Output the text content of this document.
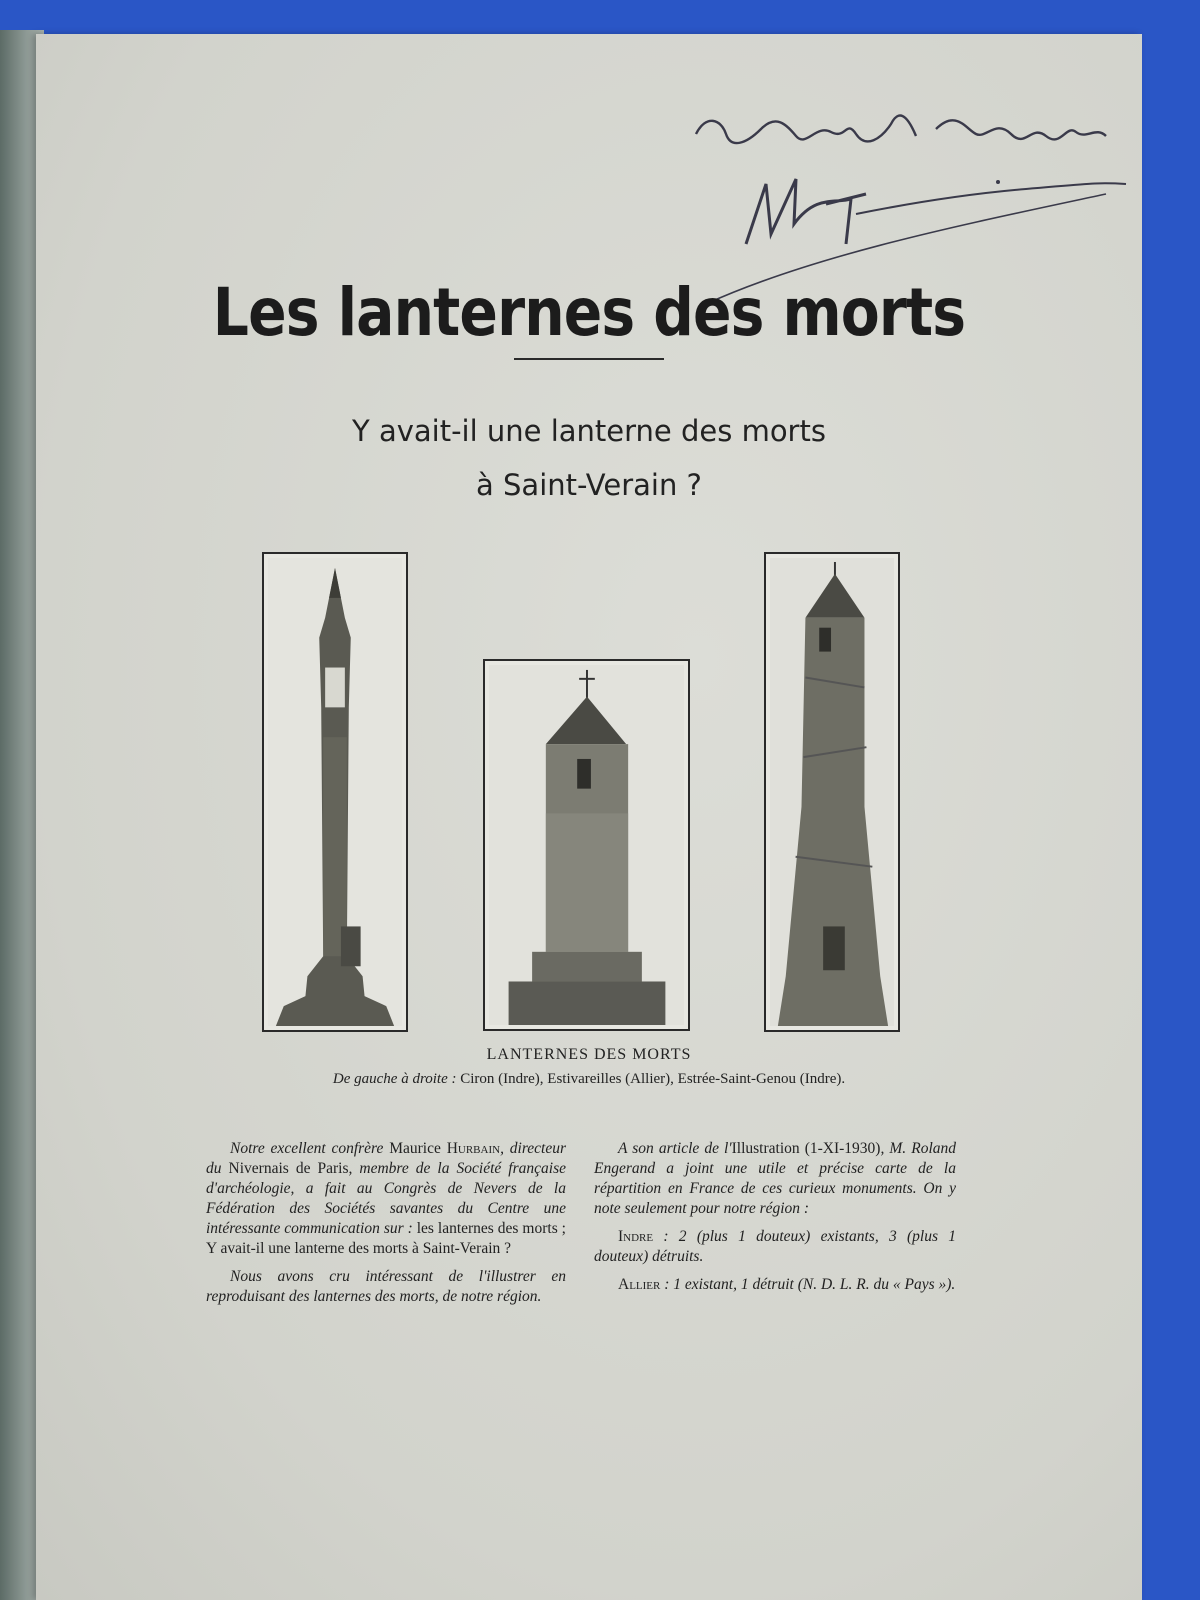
Les lanternes des morts
Y avait-il une lanterne des morts
à Saint-Verain ?
LANTERNES DES MORTS
De gauche à droite : Ciron (Indre), Estivareilles (Allier), Estrée-Saint-Genou (Indre).

Notre excellent confrère Maurice Hurbain, directeur du Nivernais de Paris, membre de la Société française d'archéologie, a fait au Congrès de Nevers de la Fédération des Sociétés savantes du Centre une intéressante communication sur : les lanternes des morts ; Y avait-il une lanterne des morts à Saint-Verain ?

Nous avons cru intéressant de l'illustrer en reproduisant des lanternes des morts, de notre région.

A son article de l'Illustration (1-XI-1930), M. Roland Engerand a joint une utile et précise carte de la répartition en France de ces curieux monuments. On y note seulement pour notre région :

Indre : 2 (plus 1 douteux) existants, 3 (plus 1 douteux) détruits.

Allier : 1 existant, 1 détruit (N. D. L. R. du « Pays »).
